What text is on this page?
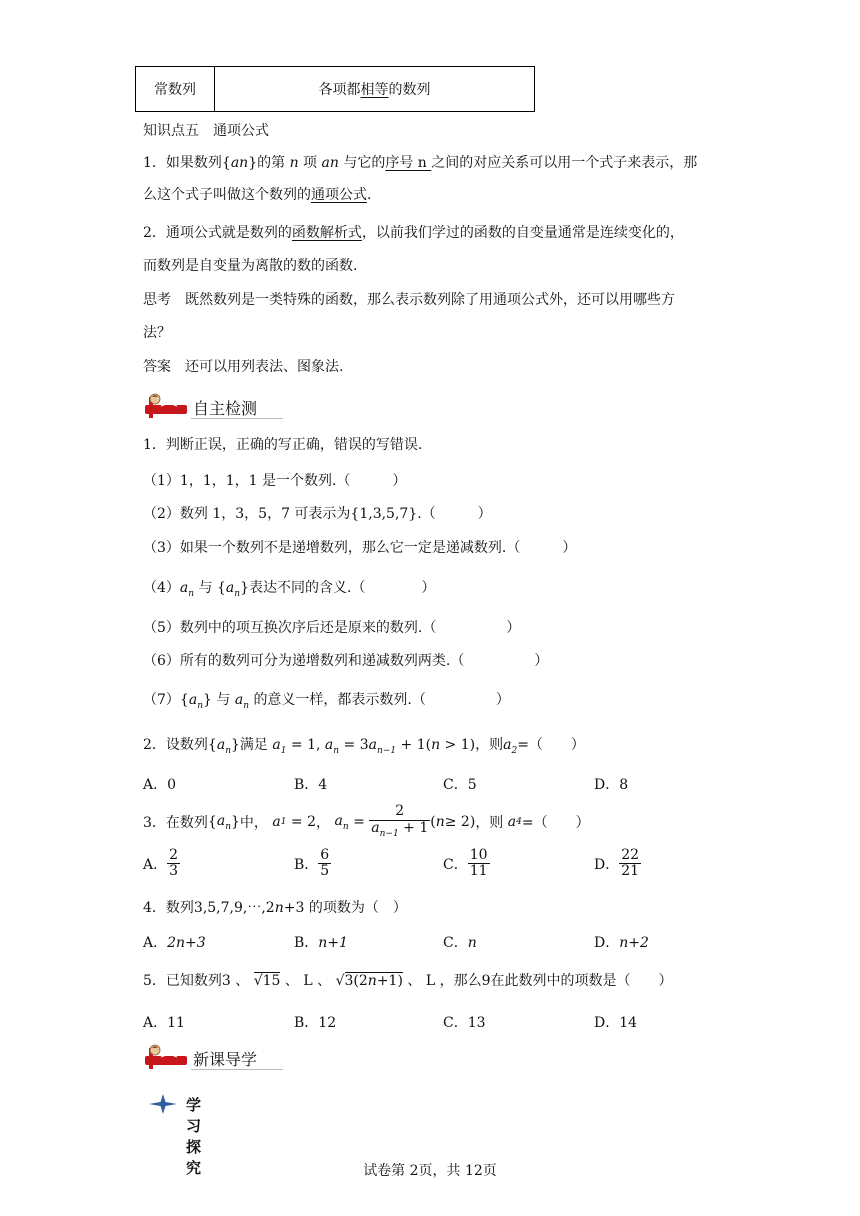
常数列	各项都 相等 的数列
知识点五　通项公式
1．如果数列{an}的第 n 项 an 与它的序号 n 之间的对应关系可以用一个式子来表示，那
么这个式子叫做这个数列的通项公式.
2．通项公式就是数列的函数解析式，以前我们学过的函数的自变量通常是连续变化的，
而数列是自变量为离散的数的函数.
思考　既然数列是一类特殊的函数，那么表示数列除了用通项公式外，还可以用哪些方
法？
答案　还可以用列表法、图象法.
自主检测
1．判断正误，正确的写正确，错误的写错误.
（1）1，1，1，1 是一个数列.（　　　）
（2）数列 1，3，5，7 可表示为{1,3,5,7}.（　　　）
（3）如果一个数列不是递增数列，那么它一定是递减数列.（　　　）
$(4)a_n$ 与 $\{a_n\}$表达不同的含义.（　　　　）
（5）数列中的项互换次序后还是原来的数列.（　　　　　）
（6）所有的数列可分为递增数列和递减数列两类.（　　　　　）
$(7)\{a_n\}$ 与 $a_n$ 的意义一样，都表示数列.（　　　　　）
2．设数列$\{a_n\}$满足 $a_1 = 1$, $a_n = 3a_{n-1} + 1(n > 1)$，则$a_2=$（　　）
A．0	B．4	C．5	D．8
3．在数列 { $a_n$ } 中，
a 1 = 2 ，
$a_n = \frac{2}{a_{n-1} + 1}$ ( n ≥ 2) ，则
a 4 =（　　）
A． $\frac{2}{3}$	B． $\frac{6}{5}$	C． $\frac{10}{11}$	D． $\frac{22}{21}$
4．数列3,5,7,9,⋯,2n+3 的项数为（　）
A．2n+3	B．n+1	C．n	D．n+2
5．已知数列3 、 √15 、 L 、 √3(2n+1) 、 L ，那么9在此数列中的项数是（　　）
A．11	B．12	C．13	D．14
新课导学
学习探究	试卷第 2页，共 12页
